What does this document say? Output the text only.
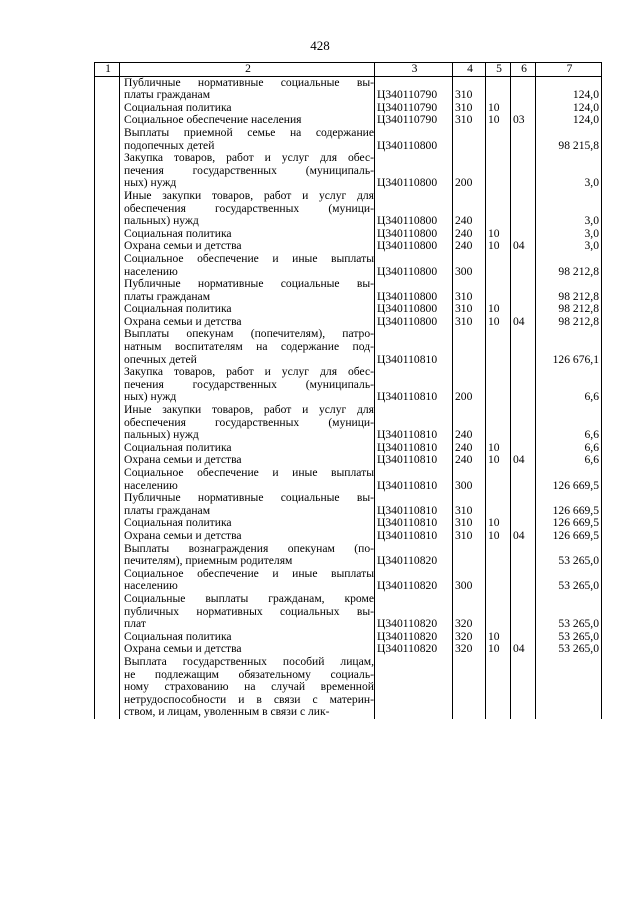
428
1	2	3	4	5	6	7

	Публичные нормативные социальные вы-
платы гражданам	Ц340110790	310			124,0

	Социальная политика	Ц340110790	310	10		124,0

	Социальное обеспечение населения	Ц340110790	310	10	03	124,0

	Выплаты приемной семье на содержание
подопечных детей	Ц340110800				98 215,8

	Закупка товаров, работ и услуг для обес-
печения государственных (муниципаль-
ных) нужд	Ц340110800	200			3,0

	Иные закупки товаров, работ и услуг для
обеспечения государственных (муници-
пальных) нужд	Ц340110800	240			3,0

	Социальная политика	Ц340110800	240	10		3,0

	Охрана семьи и детства	Ц340110800	240	10	04	3,0

	Социальное обеспечение и иные выплаты
населению	Ц340110800	300			98 212,8

	Публичные нормативные социальные вы-
платы гражданам	Ц340110800	310			98 212,8

	Социальная политика	Ц340110800	310	10		98 212,8

	Охрана семьи и детства	Ц340110800	310	10	04	98 212,8

	Выплаты опекунам (попечителям), патро-
натным воспитателям на содержание под-
опечных детей	Ц340110810				126 676,1

	Закупка товаров, работ и услуг для обес-
печения государственных (муниципаль-
ных) нужд	Ц340110810	200			6,6

	Иные закупки товаров, работ и услуг для
обеспечения государственных (муници-
пальных) нужд	Ц340110810	240			6,6

	Социальная политика	Ц340110810	240	10		6,6

	Охрана семьи и детства	Ц340110810	240	10	04	6,6

	Социальное обеспечение и иные выплаты
населению	Ц340110810	300			126 669,5

	Публичные нормативные социальные вы-
платы гражданам	Ц340110810	310			126 669,5

	Социальная политика	Ц340110810	310	10		126 669,5

	Охрана семьи и детства	Ц340110810	310	10	04	126 669,5

	Выплаты вознаграждения опекунам (по-
печителям), приемным родителям	Ц340110820				53 265,0

	Социальное обеспечение и иные выплаты
населению	Ц340110820	300			53 265,0

	Социальные выплаты гражданам, кроме
публичных нормативных социальных вы-
плат	Ц340110820	320			53 265,0

	Социальная политика	Ц340110820	320	10		53 265,0

	Охрана семьи и детства	Ц340110820	320	10	04	53 265,0

	Выплата государственных пособий лицам,
не подлежащим обязательному социаль-
ному страхованию на случай временной
нетрудоспособности и в связи с материн-
ством, и лицам, уволенным в связи с лик-					
